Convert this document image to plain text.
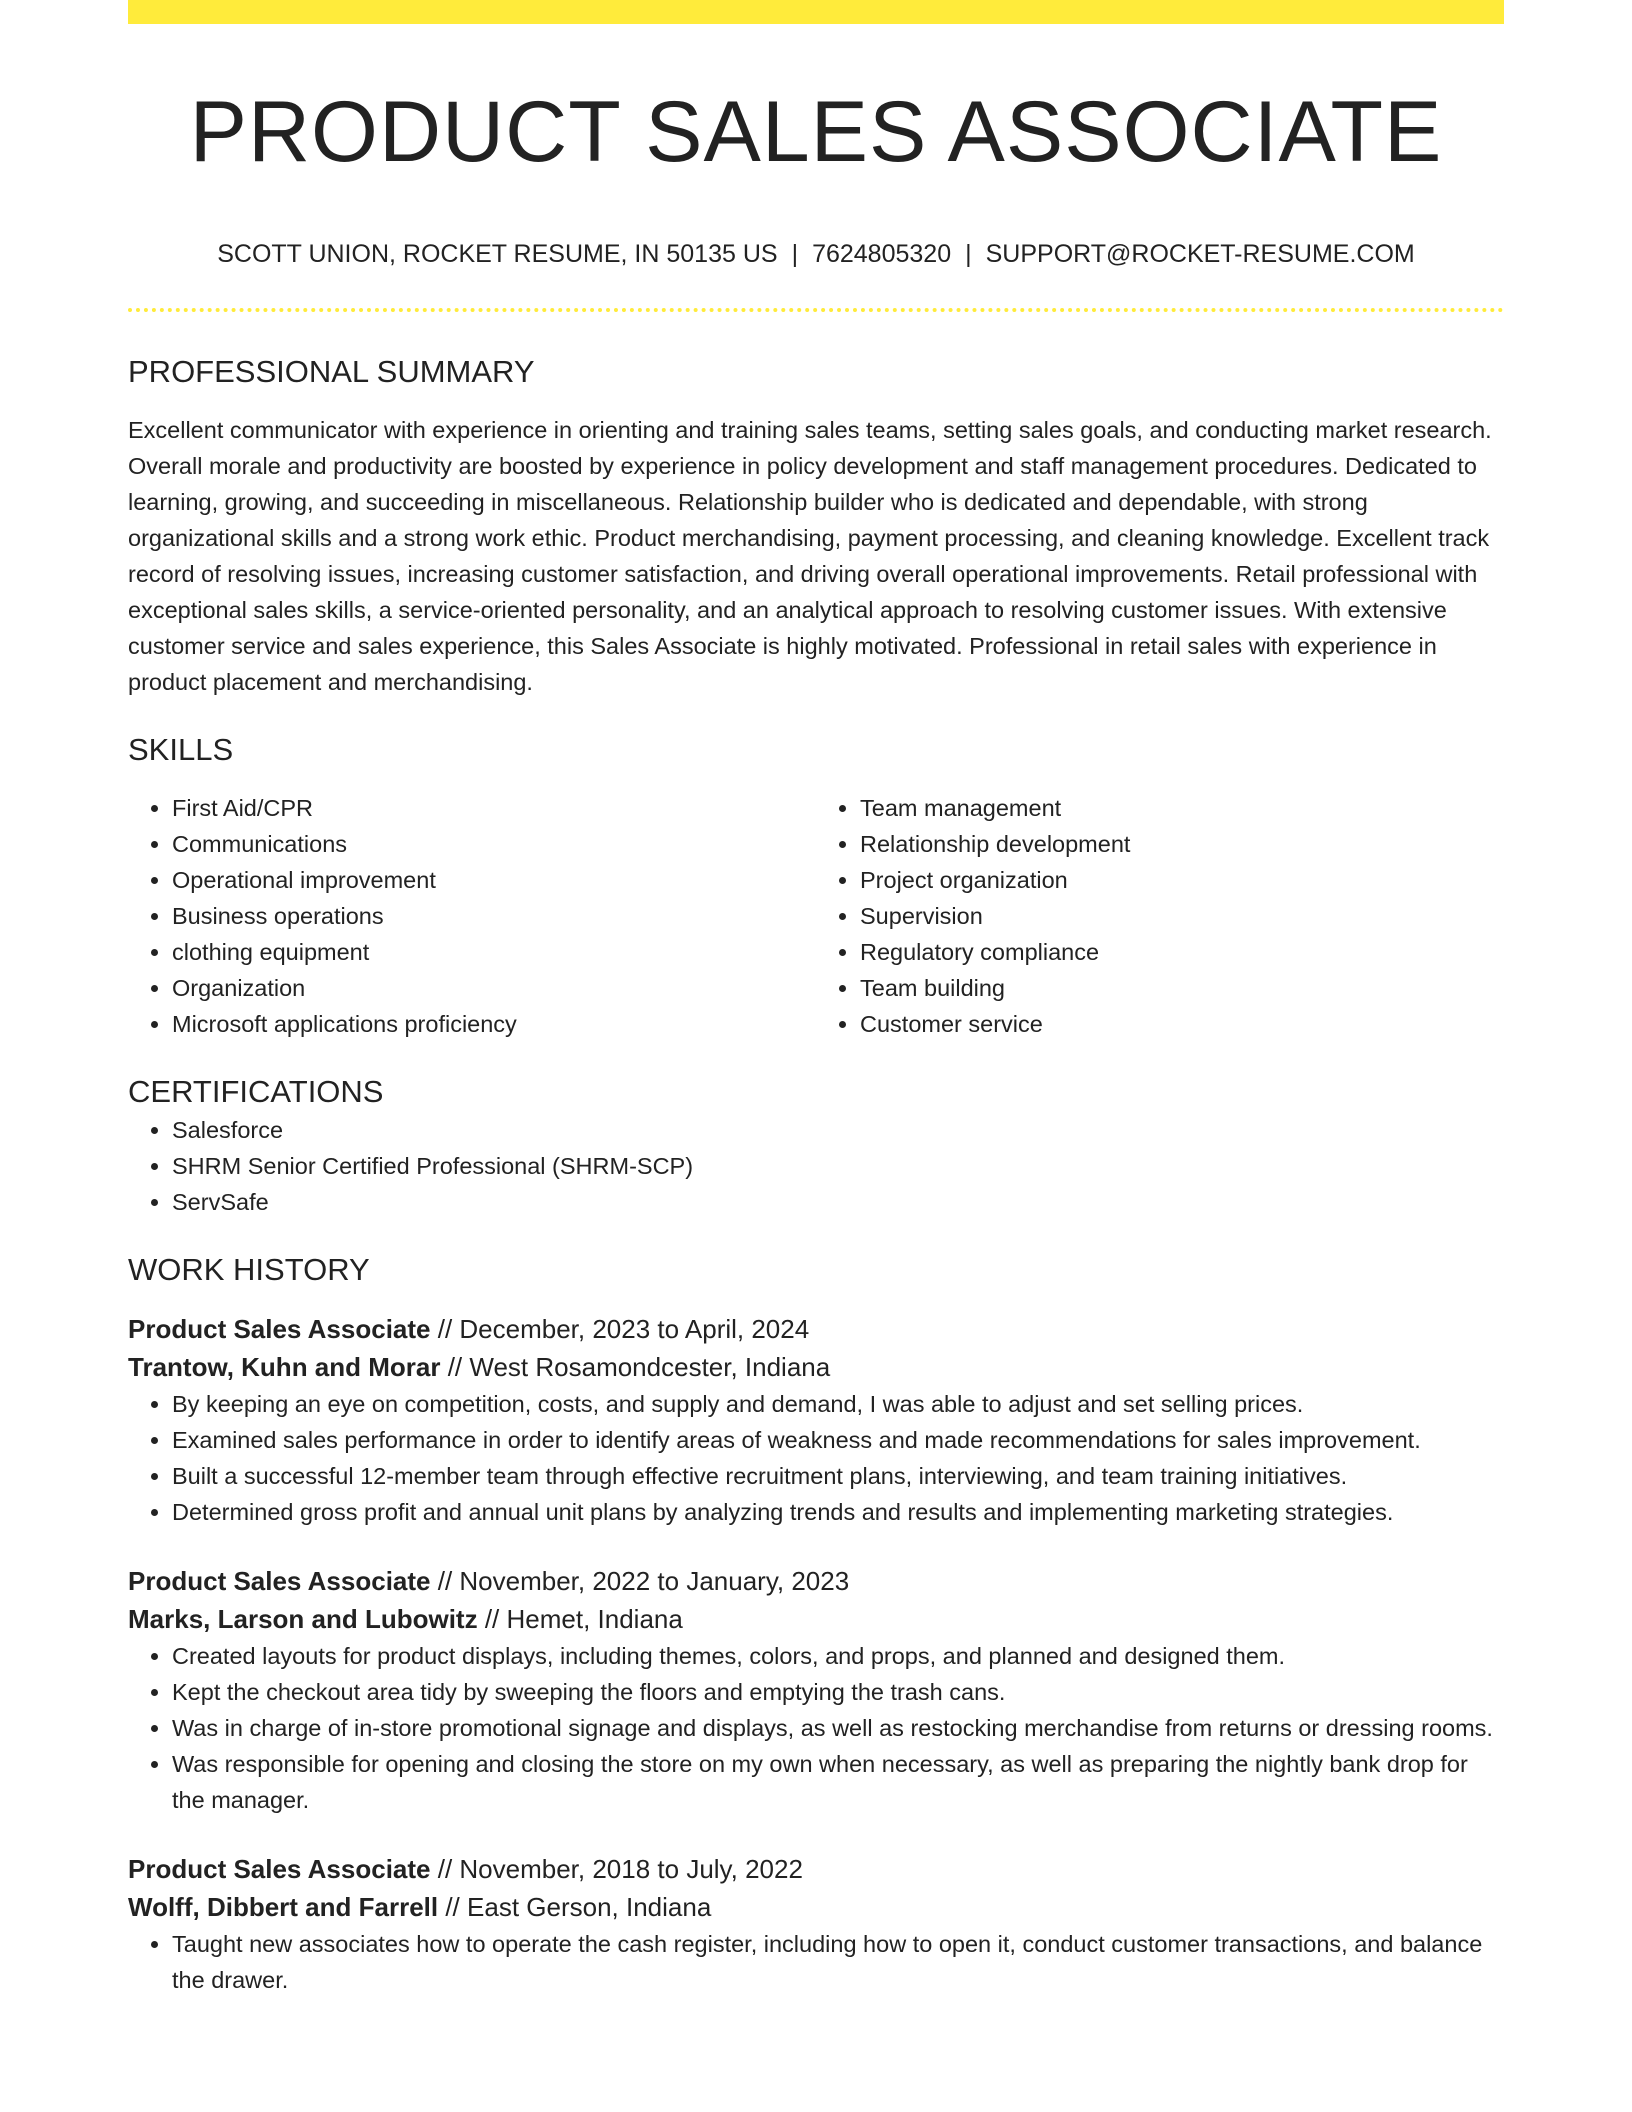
PRODUCT SALES ASSOCIATE
SCOTT UNION, ROCKET RESUME, IN 50135 US | 7624805320 | SUPPORT@ROCKET-RESUME.COM
PROFESSIONAL SUMMARY

Excellent communicator with experience in orienting and training sales teams, setting sales goals, and conducting market research. Overall morale and productivity are boosted by experience in policy development and staff management procedures. Dedicated to learning, growing, and succeeding in miscellaneous. Relationship builder who is dedicated and dependable, with strong organizational skills and a strong work ethic. Product merchandising, payment processing, and cleaning knowledge. Excellent track record of resolving issues, increasing customer satisfaction, and driving overall operational improvements. Retail professional with exceptional sales skills, a service-oriented personality, and an analytical approach to resolving customer issues. With extensive customer service and sales experience, this Sales Associate is highly motivated. Professional in retail sales with experience in product placement and merchandising.

SKILLS
• First Aid/CPR
• Communications
• Operational improvement
• Business operations
• clothing equipment
• Organization
• Microsoft applications proficiency
• Team management
• Relationship development
• Project organization
• Supervision
• Regulatory compliance
• Team building
• Customer service
CERTIFICATIONS
• Salesforce
• SHRM Senior Certified Professional (SHRM-SCP)
• ServSafe
WORK HISTORY
Product Sales Associate // December, 2023 to April, 2024
Trantow, Kuhn and Morar // West Rosamondcester, Indiana
• By keeping an eye on competition, costs, and supply and demand, I was able to adjust and set selling prices.
• Examined sales performance in order to identify areas of weakness and made recommendations for sales improvement.
• Built a successful 12-member team through effective recruitment plans, interviewing, and team training initiatives.
• Determined gross profit and annual unit plans by analyzing trends and results and implementing marketing strategies.
Product Sales Associate // November, 2022 to January, 2023
Marks, Larson and Lubowitz // Hemet, Indiana
• Created layouts for product displays, including themes, colors, and props, and planned and designed them.
• Kept the checkout area tidy by sweeping the floors and emptying the trash cans.
• Was in charge of in-store promotional signage and displays, as well as restocking merchandise from returns or dressing rooms.
• Was responsible for opening and closing the store on my own when necessary, as well as preparing the nightly bank drop for the manager.
Product Sales Associate // November, 2018 to July, 2022
Wolff, Dibbert and Farrell // East Gerson, Indiana
• Taught new associates how to operate the cash register, including how to open it, conduct customer transactions, and balance the drawer.
